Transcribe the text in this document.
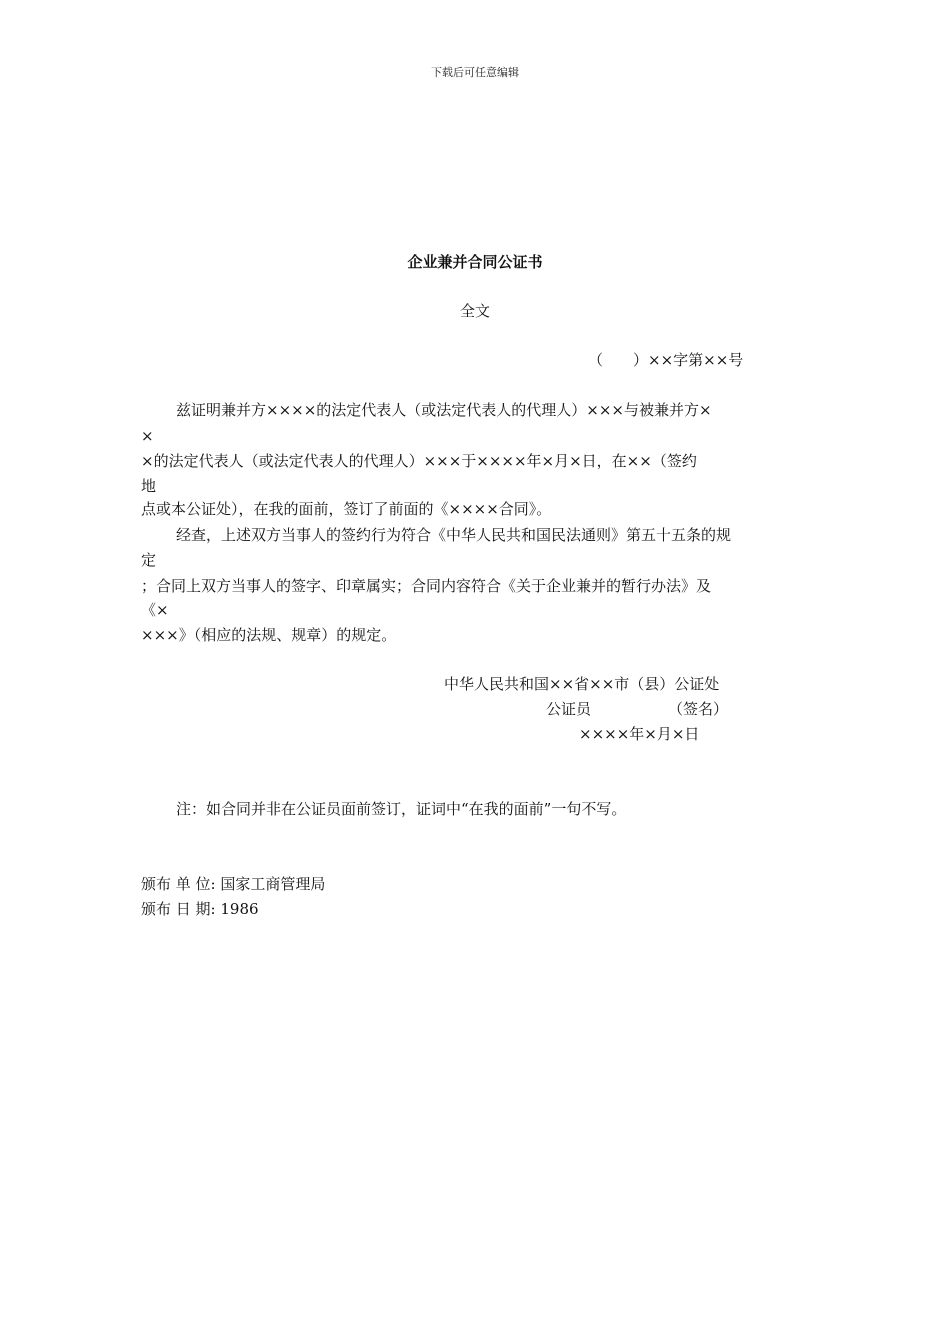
下载后可任意编辑
企业兼并合同公证书
全文
（　　）××字第××号
兹证明兼并方××××的法定代表人（或法定代表人的代理人）×××与被兼并方×
×
×的法定代表人（或法定代表人的代理人）×××于××××年×月×日，在××（签约
地
点或本公证处），在我的面前，签订了前面的《××××合同》。
经查，上述双方当事人的签约行为符合《中华人民共和国民法通则》第五十五条的规
定
；合同上双方当事人的签字、印章属实；合同内容符合《关于企业兼并的暂行办法》及
《×
×××》（相应的法规、规章）的规定。
中华人民共和国××省××市（县）公证处
公证员	（签名）
××××年×月×日
注：如合同并非在公证员面前签订，证词中“在我的面前”一句不写。
颁布 单 位: 国家工商管理局
颁布 日 期: 1986
